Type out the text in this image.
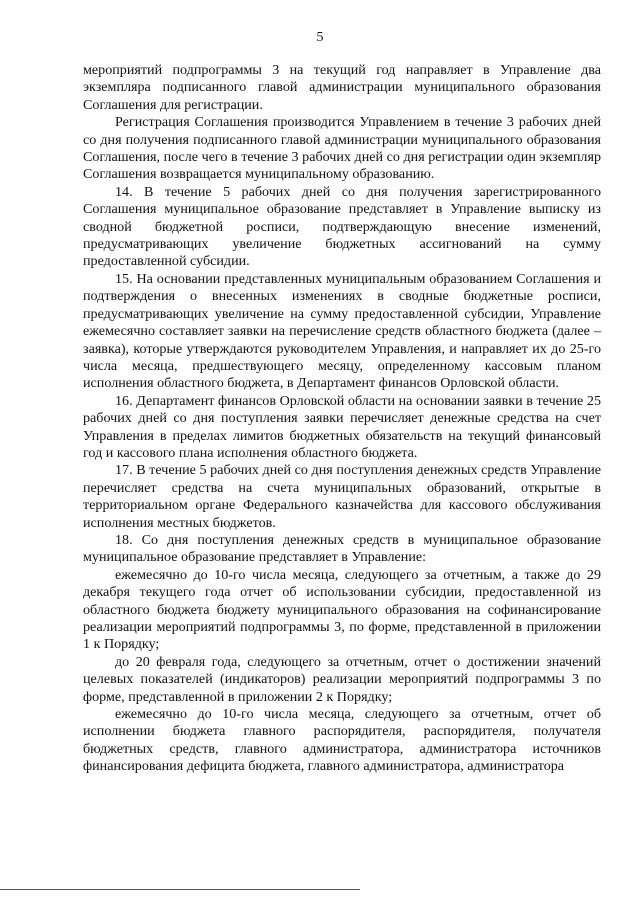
5

мероприятий подпрограммы 3 на текущий год направляет в Управление два экземпляра подписанного главой администрации муниципального образования Соглашения для регистрации.

Регистрация Соглашения производится Управлением в течение 3 рабочих дней со дня получения подписанного главой администрации муниципального образования Соглашения, после чего в течение 3 рабочих дней со дня регистрации один экземпляр Соглашения возвращается муниципальному образованию.

14. В течение 5 рабочих дней со дня получения зарегистрированного Соглашения муниципальное образование представляет в Управление выписку из сводной бюджетной росписи, подтверждающую внесение изменений, предусматривающих увеличение бюджетных ассигнований на сумму предоставленной субсидии.

15. На основании представленных муниципальным образованием Соглашения и подтверждения о внесенных изменениях в сводные бюджетные росписи, предусматривающих увеличение на сумму предоставленной субсидии, Управление ежемесячно составляет заявки на перечисление средств областного бюджета (далее – заявка), которые утверждаются руководителем Управления, и направляет их до 25-го числа месяца, предшествующего месяцу, определенному кассовым планом исполнения областного бюджета, в Департамент финансов Орловской области.

16. Департамент финансов Орловской области на основании заявки в течение 25 рабочих дней со дня поступления заявки перечисляет денежные средства на счет Управления в пределах лимитов бюджетных обязательств на текущий финансовый год и кассового плана исполнения областного бюджета.

17. В течение 5 рабочих дней со дня поступления денежных средств Управление перечисляет средства на счета муниципальных образований, открытые в территориальном органе Федерального казначейства для кассового обслуживания исполнения местных бюджетов.

18. Со дня поступления денежных средств в муниципальное образование муниципальное образование представляет в Управление:

ежемесячно до 10-го числа месяца, следующего за отчетным, а также до 29 декабря текущего года отчет об использовании субсидии, предоставленной из областного бюджета бюджету муниципального образования на софинансирование реализации мероприятий подпрограммы 3, по форме, представленной в приложении 1 к Порядку;

до 20 февраля года, следующего за отчетным, отчет о достижении значений целевых показателей (индикаторов) реализации мероприятий подпрограммы 3 по форме, представленной в приложении 2 к Порядку;

ежемесячно до 10-го числа месяца, следующего за отчетным, отчет об исполнении бюджета главного распорядителя, распорядителя, получателя бюджетных средств, главного администратора, администратора источников финансирования дефицита бюджета, главного администратора, администратора
